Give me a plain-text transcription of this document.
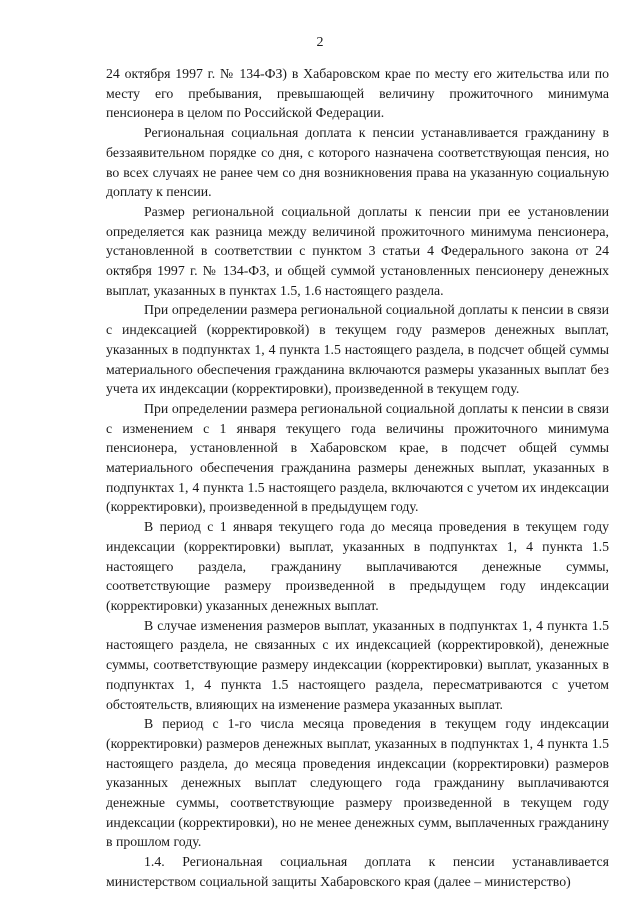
2

24 октября 1997 г. № 134-ФЗ) в Хабаровском крае по месту его жительства или по месту его пребывания, превышающей величину прожиточного минимума пенсионера в целом по Российской Федерации.

Региональная социальная доплата к пенсии устанавливается гражданину в беззаявительном порядке со дня, с которого назначена соответствующая пенсия, но во всех случаях не ранее чем со дня возникновения права на указанную социальную доплату к пенсии.

Размер региональной социальной доплаты к пенсии при ее установлении определяется как разница между величиной прожиточного минимума пенсионера, установленной в соответствии с пунктом 3 статьи 4 Федерального закона от 24 октября 1997 г. № 134-ФЗ, и общей суммой установленных пенсионеру денежных выплат, указанных в пунктах 1.5, 1.6 настоящего раздела.

При определении размера региональной социальной доплаты к пенсии в связи с индексацией (корректировкой) в текущем году размеров денежных выплат, указанных в подпунктах 1, 4 пункта 1.5 настоящего раздела, в подсчет общей суммы материального обеспечения гражданина включаются размеры указанных выплат без учета их индексации (корректировки), произведенной в текущем году.

При определении размера региональной социальной доплаты к пенсии в связи с изменением с 1 января текущего года величины прожиточного минимума пенсионера, установленной в Хабаровском крае, в подсчет общей суммы материального обеспечения гражданина размеры денежных выплат, указанных в подпунктах 1, 4 пункта 1.5 настоящего раздела, включаются с учетом их индексации (корректировки), произведенной в предыдущем году.

В период с 1 января текущего года до месяца проведения в текущем году индексации (корректировки) выплат, указанных в подпунктах 1, 4 пункта 1.5 настоящего раздела, гражданину выплачиваются денежные суммы, соответствующие размеру произведенной в предыдущем году индексации (корректировки) указанных денежных выплат.

В случае изменения размеров выплат, указанных в подпунктах 1, 4 пункта 1.5 настоящего раздела, не связанных с их индексацией (корректировкой), денежные суммы, соответствующие размеру индексации (корректировки) выплат, указанных в подпунктах 1, 4 пункта 1.5 настоящего раздела, пересматриваются с учетом обстоятельств, влияющих на изменение размера указанных выплат.

В период с 1-го числа месяца проведения в текущем году индексации (корректировки) размеров денежных выплат, указанных в подпунктах 1, 4 пункта 1.5 настоящего раздела, до месяца проведения индексации (корректировки) размеров указанных денежных выплат следующего года гражданину выплачиваются денежные суммы, соответствующие размеру произведенной в текущем году индексации (корректировки), но не менее денежных сумм, выплаченных гражданину в прошлом году.

1.4. Региональная социальная доплата к пенсии устанавливается министерством социальной защиты Хабаровского края (далее – министерство)
